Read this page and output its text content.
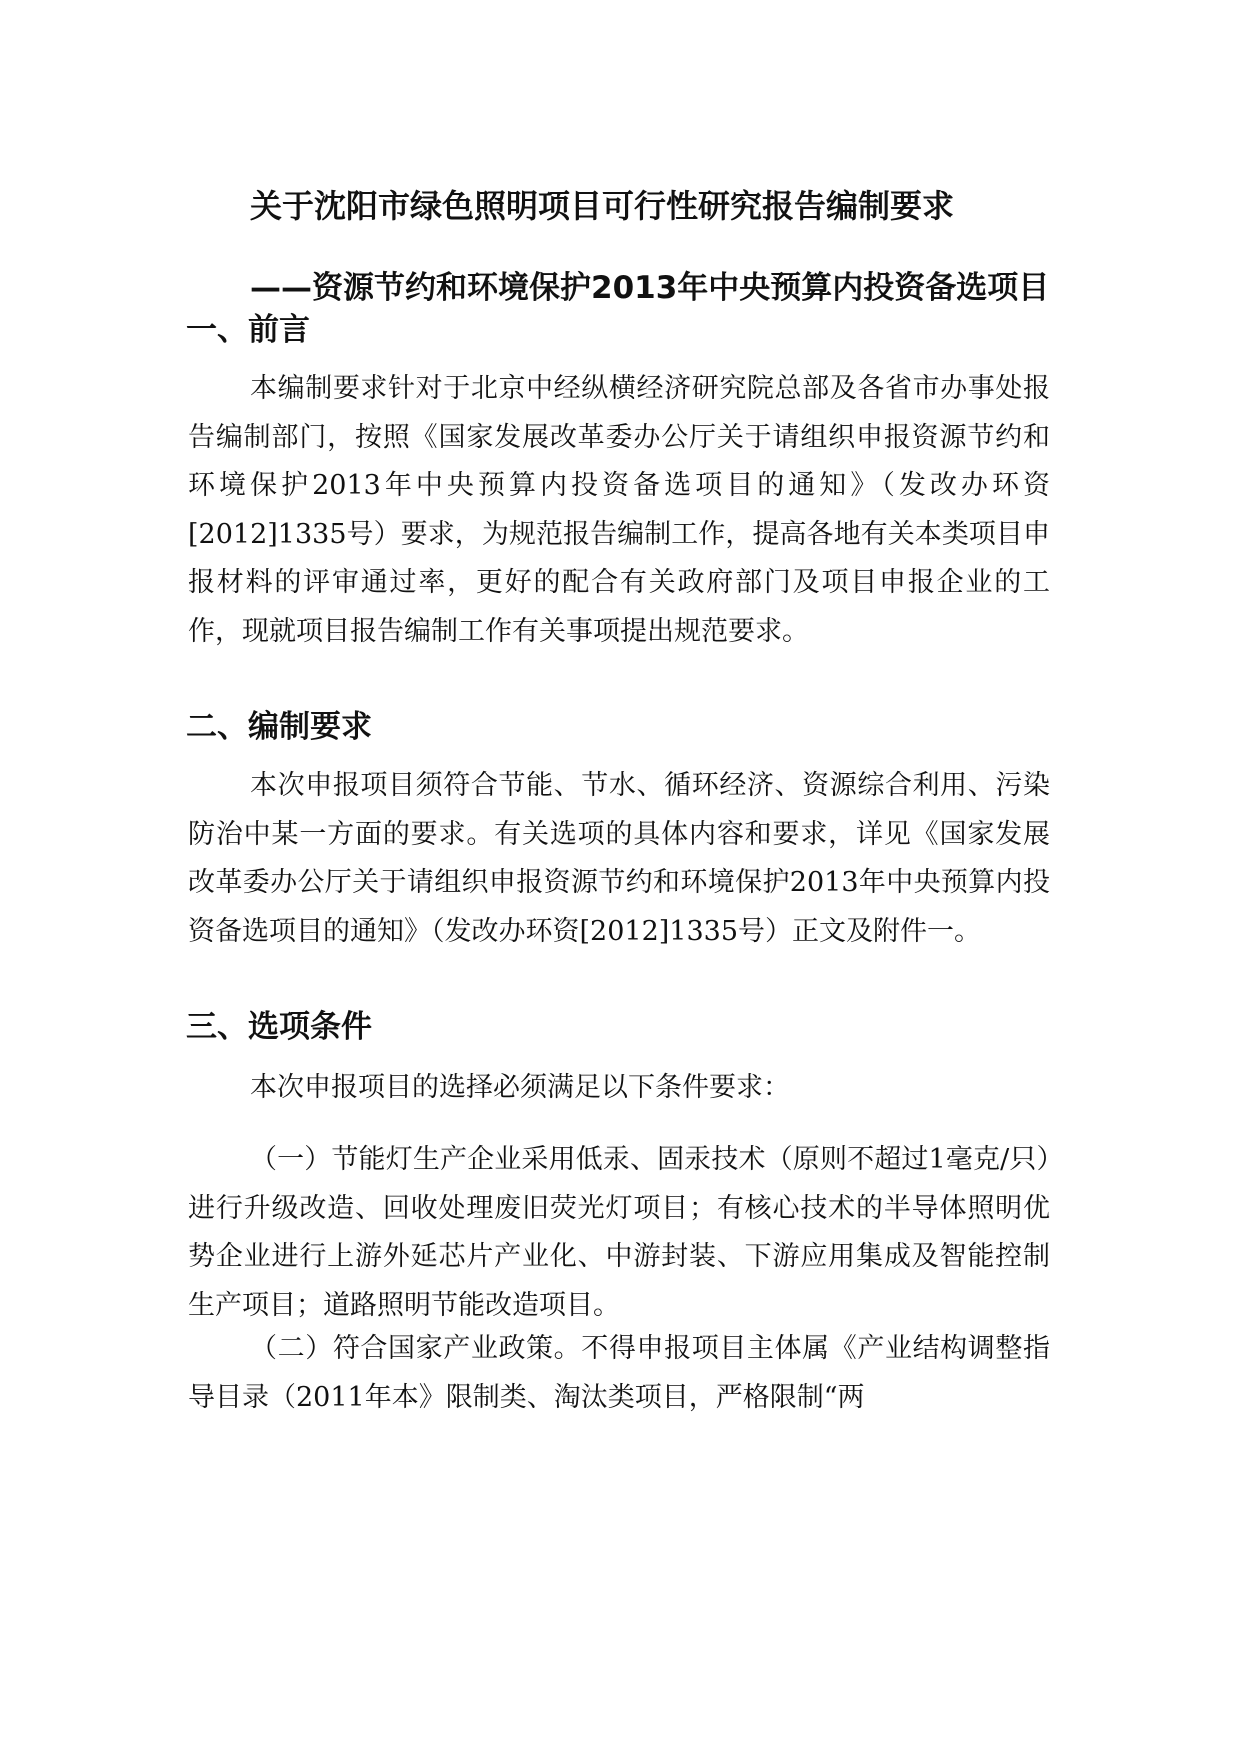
关于沈阳市绿色照明项目可行性研究报告编制要求
——资源节约和环境保护2013年中央预算内投资备选项目
一、前言

本编制要求针对于北京中经纵横经济研究院总部及各省市办事处报告编制部门，按照《国家发展改革委办公厅关于请组织申报资源节约和环境保护2013年中央预算内投资备选项目的通知》（发改办环资[2012]1335号）要求，为规范报告编制工作，提高各地有关本类项目申报材料的评审通过率，更好的配合有关政府部门及项目申报企业的工作，现就项目报告编制工作有关事项提出规范要求。

二、编制要求

本次申报项目须符合节能、节水、循环经济、资源综合利用、污染防治中某一方面的要求。有关选项的具体内容和要求，详见《国家发展改革委办公厅关于请组织申报资源节约和环境保护2013年中央预算内投资备选项目的通知》（发改办环资[2012]1335号）正文及附件一。

三、选项条件

本次申报项目的选择必须满足以下条件要求：

（一）节能灯生产企业采用低汞、固汞技术（原则不超过1毫克/只）进行升级改造、回收处理废旧荧光灯项目；有核心技术的半导体照明优势企业进行上游外延芯片产业化、中游封装、下游应用集成及智能控制生产项目；道路照明节能改造项目。

（二）符合国家产业政策。不得申报项目主体属《产业结构调整指导目录（2011年本》限制类、淘汰类项目，严格限制“两
